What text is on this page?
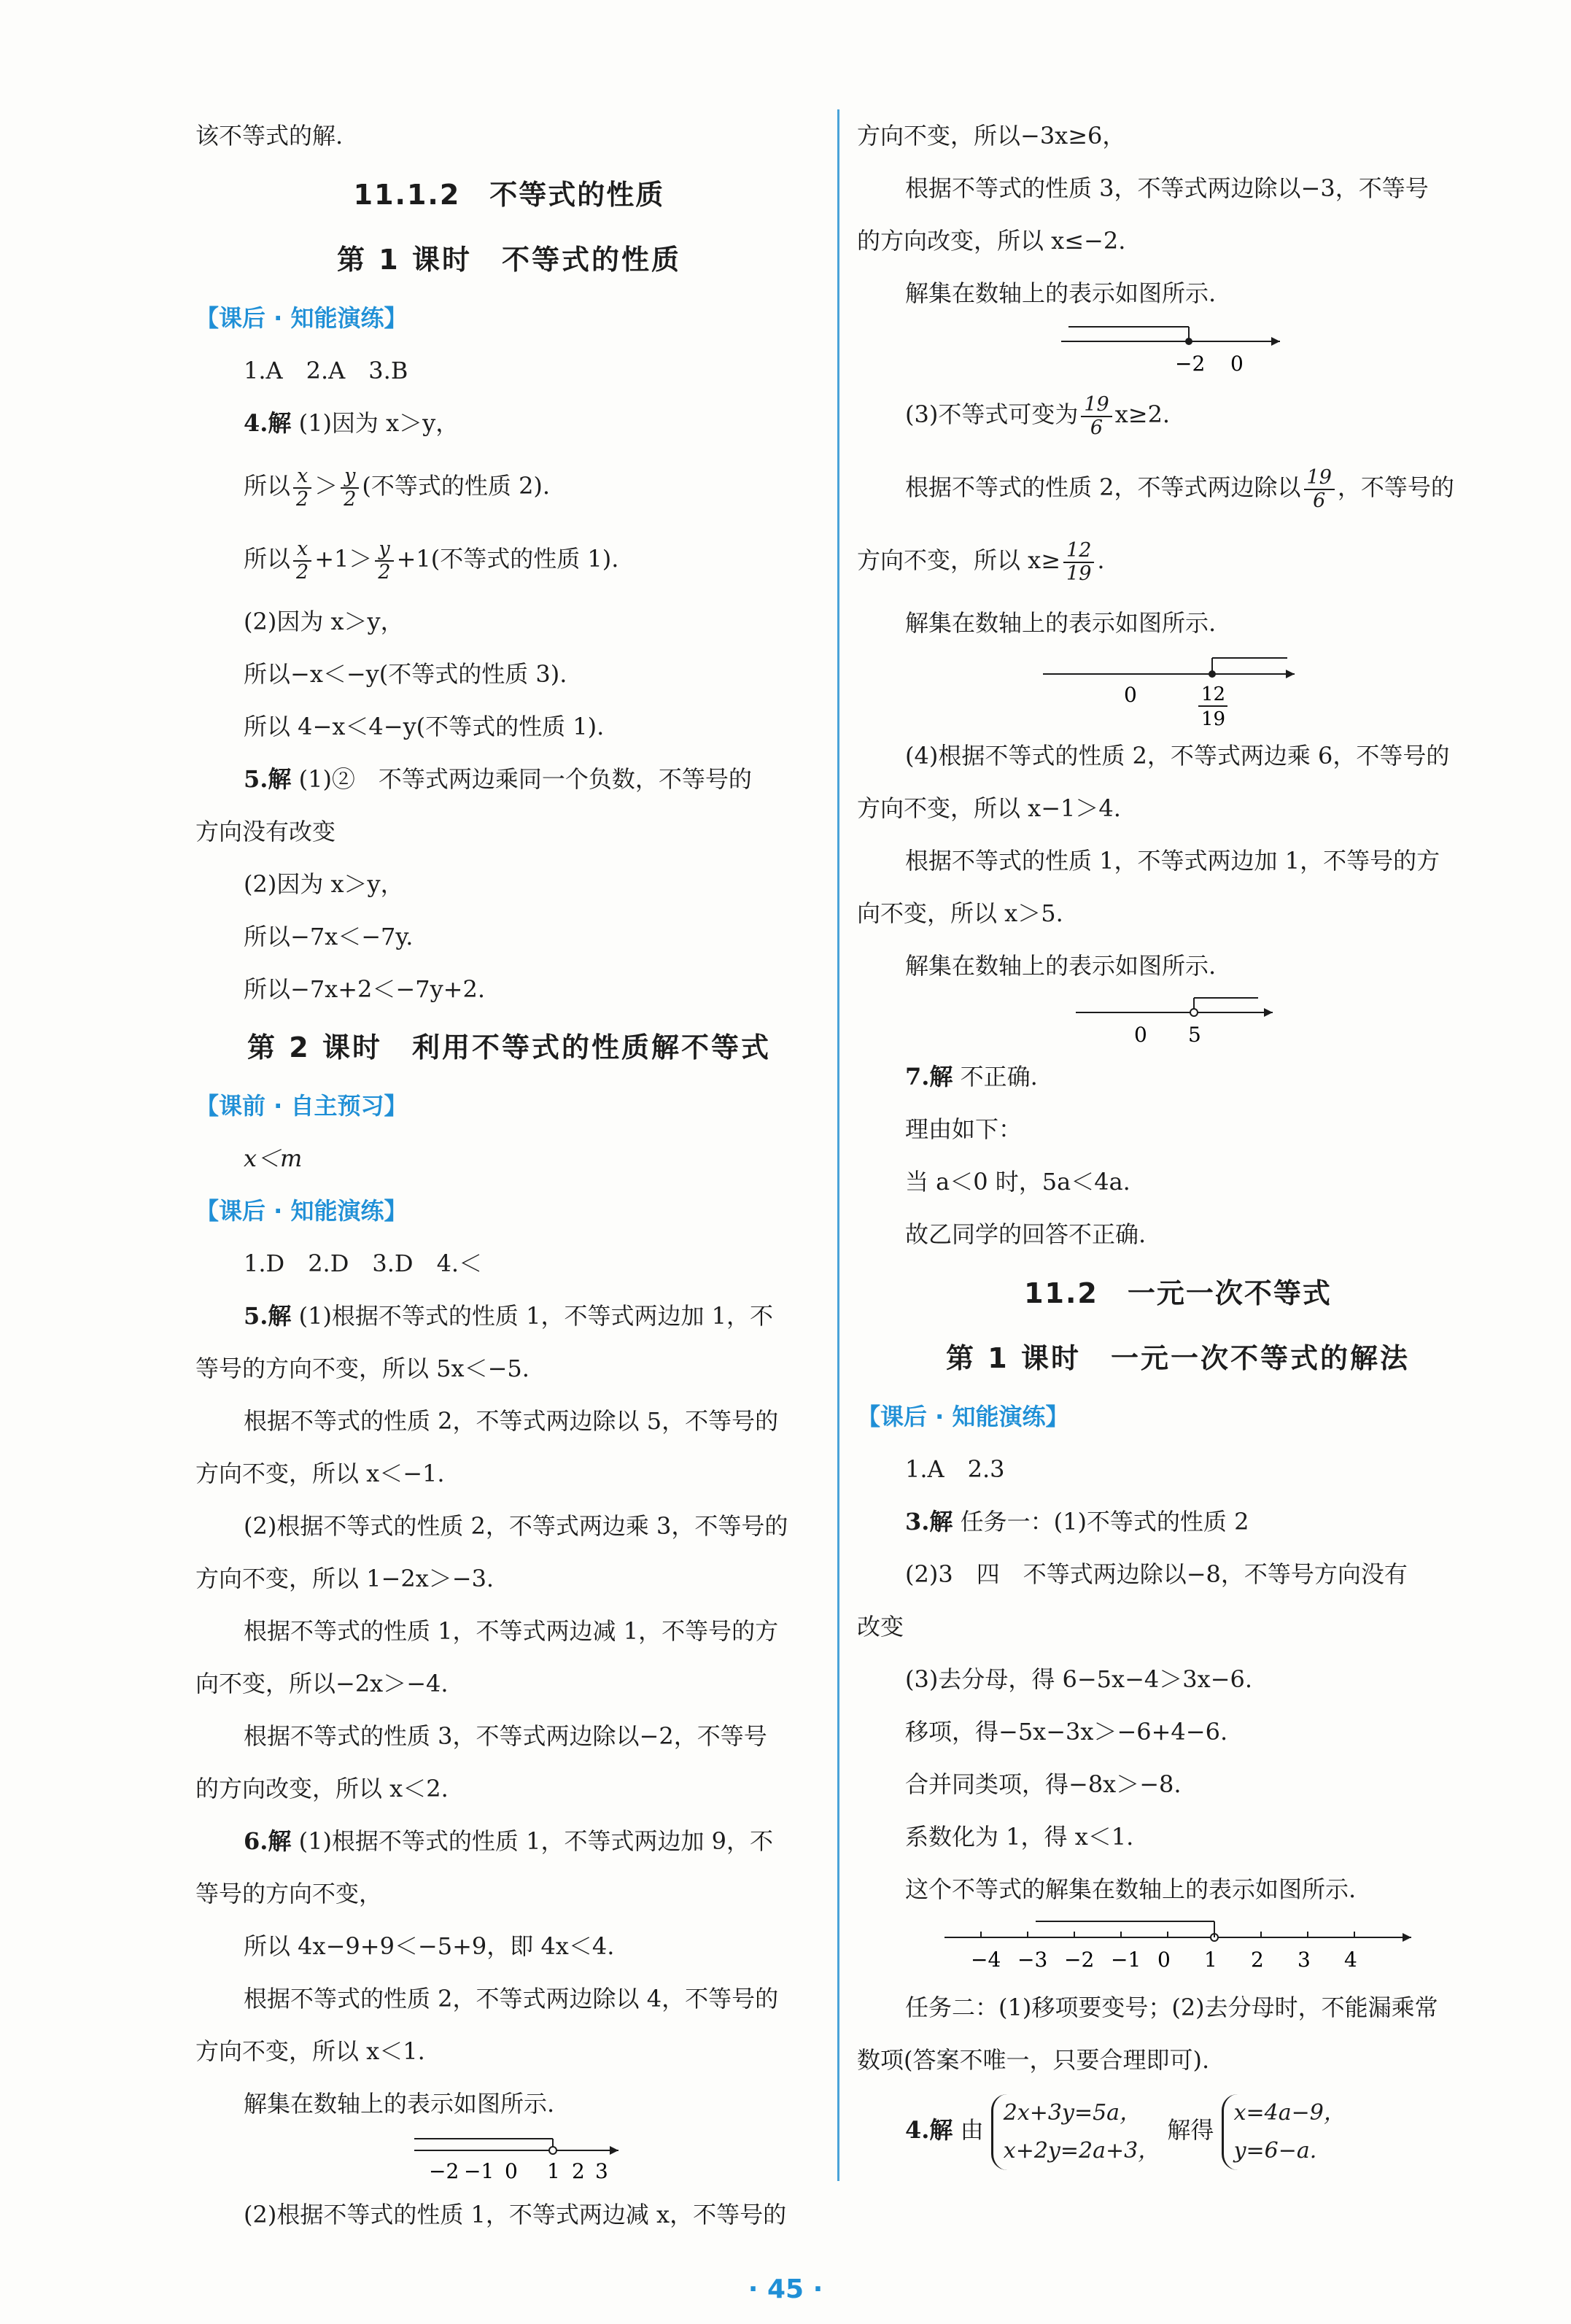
该不等式的解.
11.1.2　不等式的性质
第 1 课时　不等式的性质
【课后 · 知能演练】
1.A　2.A　3.B
4.解 (1)因为 x＞y，
所以 $\frac{x}{2} > \frac{y}{2}$ (不等式的性质 2).
所以 $\frac{x}{2} +1> \frac{y}{2} +1$(不等式的性质 1).
(2)因为 x＞y，
所以−x＜−y(不等式的性质 3).
所以 4−x＜4−y(不等式的性质 1).
5.解 (1)②　不等式两边乘同一个负数，不等号的
方向没有改变
(2)因为 x＞y，
所以−7x＜−7y.
所以−7x+2＜−7y+2.
第 2 课时　利用不等式的性质解不等式
【课前 · 自主预习】
x＜m
【课后 · 知能演练】
1.D　2.D　3.D　4.＜
5.解 (1)根据不等式的性质 1，不等式两边加 1，不
等号的方向不变，所以 5x＜−5.
根据不等式的性质 2，不等式两边除以 5，不等号的
方向不变，所以 x＜−1.
(2)根据不等式的性质 2，不等式两边乘 3，不等号的
方向不变，所以 1−2x＞−3.
根据不等式的性质 1，不等式两边减 1，不等号的方
向不变，所以−2x＞−4.
根据不等式的性质 3，不等式两边除以−2，不等号
的方向改变，所以 x＜2.
6.解 (1)根据不等式的性质 1，不等式两边加 9，不
等号的方向不变，
所以 4x−9+9＜−5+9，即 4x＜4.
根据不等式的性质 2，不等式两边除以 4，不等号的
方向不变，所以 x＜1.
解集在数轴上的表示如图所示.
−2 −1 0 1 2 3
(2)根据不等式的性质 1，不等式两边减 x，不等号的
方向不变，所以−3x≥6，
根据不等式的性质 3，不等式两边除以−3，不等号
的方向改变，所以 x≤−2.
解集在数轴上的表示如图所示.
−2 0
(3)不等式可变为 $\frac{19}{6} x\ge 2$.
根据不等式的性质 2，不等式两边除以 $\frac{19}{6}$ ，不等号的
方向不变，所以 $x\ge \frac{12}{19}$ .
解集在数轴上的表示如图所示.
0	12
19
(4)根据不等式的性质 2，不等式两边乘 6，不等号的
方向不变，所以 x−1＞4.
根据不等式的性质 1，不等式两边加 1，不等号的方
向不变，所以 x＞5.
解集在数轴上的表示如图所示.
0 5
7.解 不正确.
理由如下：
当 a＜0 时，5a＜4a.
故乙同学的回答不正确.
11.2　一元一次不等式
第 1 课时　一元一次不等式的解法
【课后 · 知能演练】
1.A　2.3
3.解 任务一：(1)不等式的性质 2
(2)3　四　不等式两边除以−8，不等号方向没有
改变
(3)去分母，得 6−5x−4＞3x−6.
移项，得−5x−3x＞−6+4−6.
合并同类项，得−8x＞−8.
系数化为 1，得 x＜1.
这个不等式的解集在数轴上的表示如图所示.
−4 −3 −2 −1 0 1 2 3 4
任务二：(1)移项要变号；(2)去分母时，不能漏乘常
数项(答案不唯一，只要合理即可).
4.解 由
2x+3y=5a，
x+2y=2a+3，
解得
x=4a−9，
y=6−a.
· 45 ·
